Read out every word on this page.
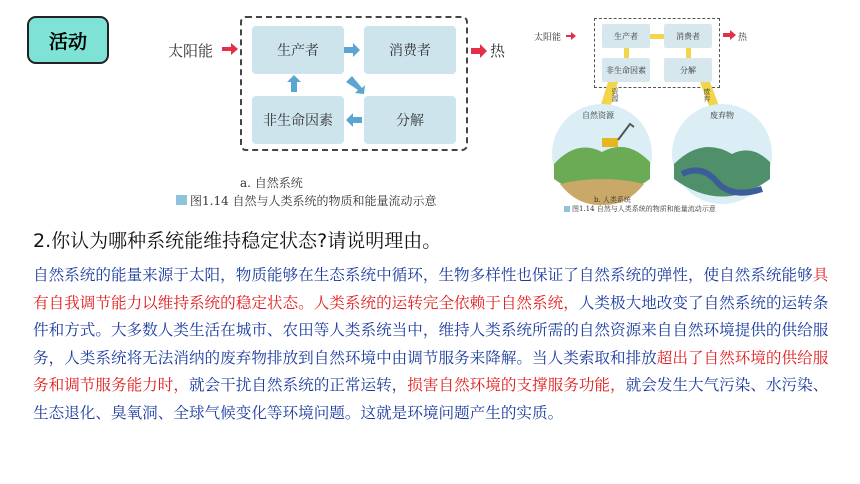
活动	太阳能	生产者	消费者
非生命因素	分解
热
a. 自然系统
图1.14 自然与人类系统的物质和能量流动示意
太阳能	生产者	消费者
非生命因素	分解
热
资源	废弃
自然资源	废弃物
b. 人类系统
图1.14 自然与人类系统的物质和能量流动示意
2.你认为哪种系统能维持稳定状态?请说明理由。

自然系统的能量来源于太阳，物质能够在生态系统中循环，生物多样性也保证了自然系统的弹性，使自然系统能够具有自我调节能力以维持系统的稳定状态。人类系统的运转完全依赖于自然系统，人类极大地改变了自然系统的运转条件和方式。大多数人类生活在城市、农田等人类系统当中，维持人类系统所需的自然资源来自自然环境提供的供给服务，人类系统将无法消纳的废弃物排放到自然环境中由调节服务来降解。当人类索取和排放超出了自然环境的供给服务和调节服务能力时，就会干扰自然系统的正常运转，损害自然环境的支撑服务功能，就会发生大气污染、水污染、生态退化、臭氧洞、全球气候变化等环境问题。这就是环境问题产生的实质。
